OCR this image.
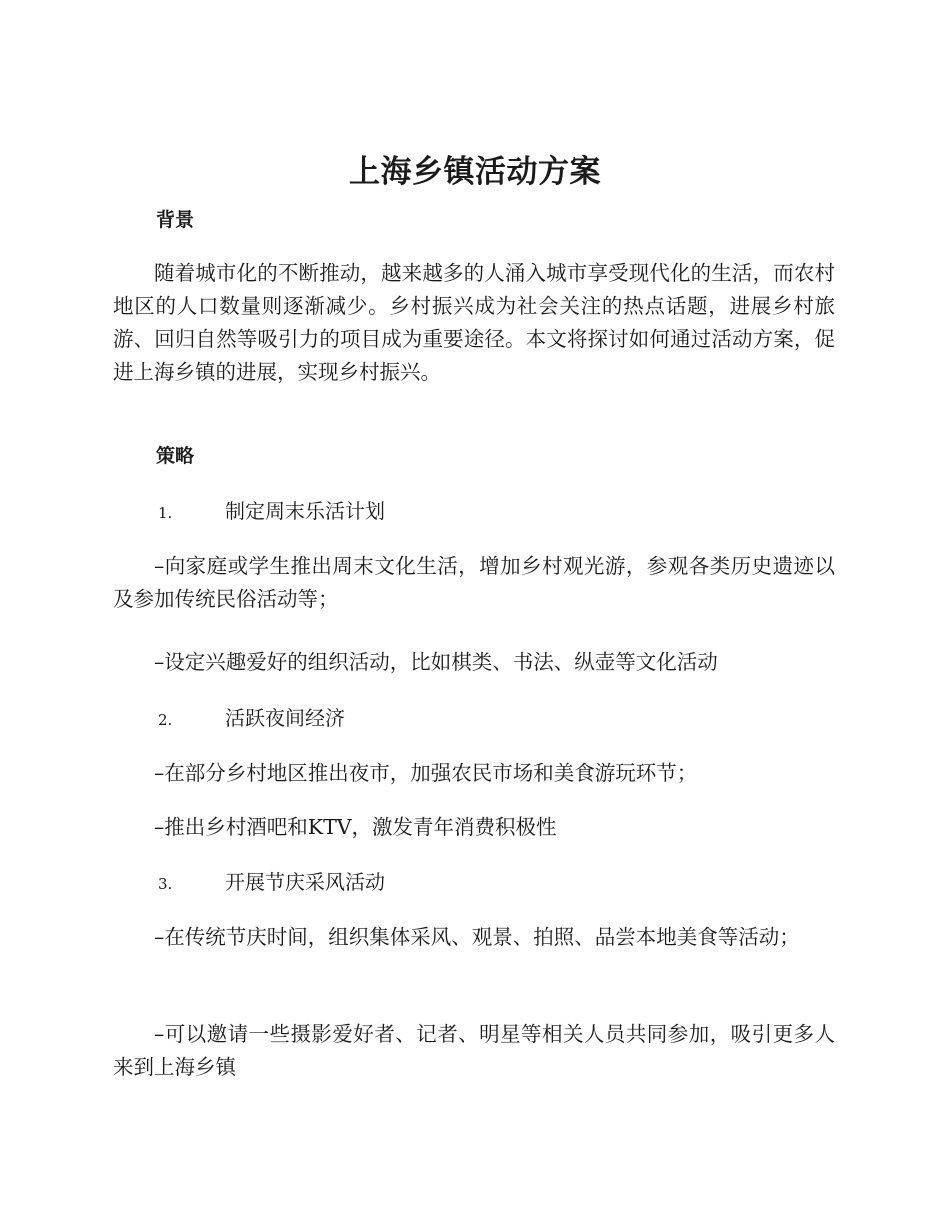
上海乡镇活动方案
背景

随着城市化的不断推动，越来越多的人涌入城市享受现代化的生活，而农村地区的人口数量则逐渐减少。乡村振兴成为社会关注的热点话题，进展乡村旅游、回归自然等吸引力的项目成为重要途径。本文将探讨如何通过活动方案，促进上海乡镇的进展，实现乡村振兴。

策略
1.	制定周末乐活计划

–向家庭或学生推出周末文化生活，增加乡村观光游，参观各类历史遗迹以及参加传统民俗活动等；

–设定兴趣爱好的组织活动，比如棋类、书法、纵壶等文化活动

2.	活跃夜间经济

–在部分乡村地区推出夜市，加强农民市场和美食游玩环节；

–推出乡村酒吧和KTV，激发青年消费积极性

3.	开展节庆采风活动

–在传统节庆时间，组织集体采风、观景、拍照、品尝本地美食等活动；

–可以邀请一些摄影爱好者、记者、明星等相关人员共同参加，吸引更多人来到上海乡镇
